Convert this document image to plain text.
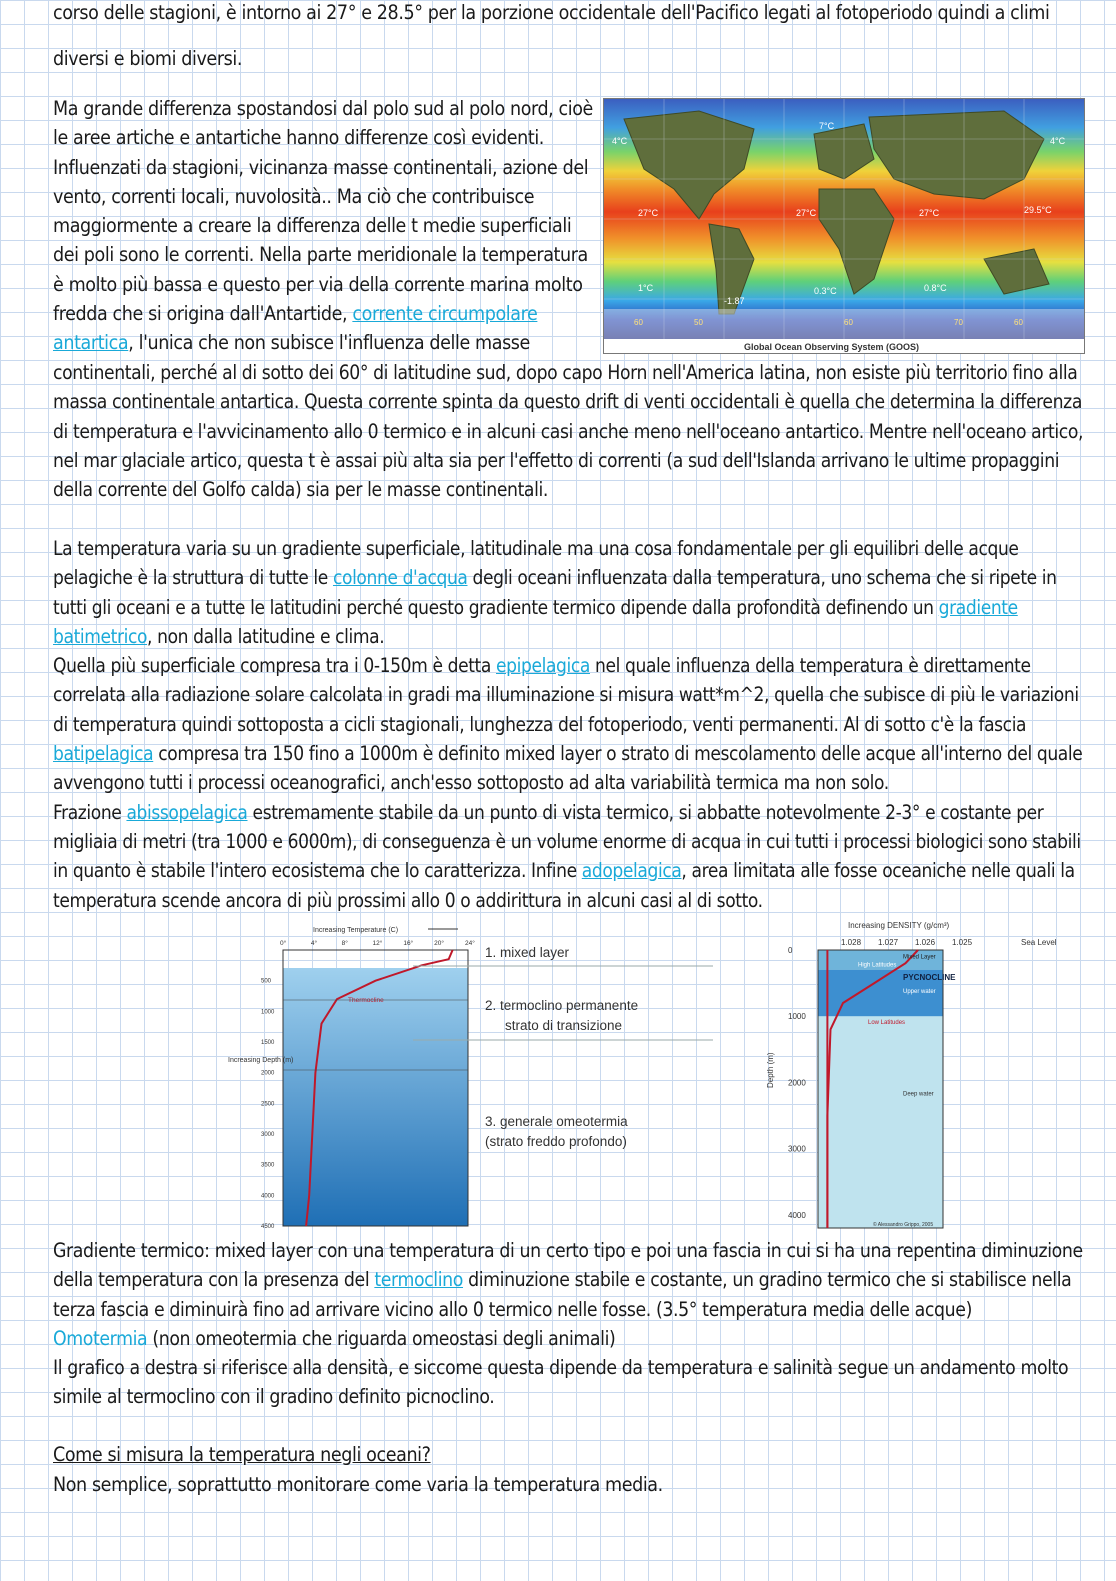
corso delle stagioni, è intorno ai 27° e 28.5° per la porzione occidentale dell'Pacifico legati al fotoperiodo quindi a climi
diversi e biomi diversi.
Ma grande differenza spostandosi dal polo sud al polo nord, cioè
le aree artiche e antartiche hanno differenze così evidenti.
Influenzati da stagioni, vicinanza masse continentali, azione del
vento, correnti locali, nuvolosità.. Ma ciò che contribuisce
maggiormente a creare la differenza delle t medie superficiali
dei poli sono le correnti. Nella parte meridionale la temperatura
è molto più bassa e questo per via della corrente marina molto
fredda che si origina dall'Antartide, corrente circumpolare
antartica, l'unica che non subisce l'influenza delle masse
4°C
7°C
4°C
27°C	27°C	27°C	29.5°C
1°C	0.3°C	0.8°C
-1.87
60	50	60	70	60
Global Ocean Observing System (GOOS)
continentali, perché al di sotto dei 60° di latitudine sud, dopo capo Horn nell'America latina, non esiste più territorio fino alla
massa continentale antartica. Questa corrente spinta da questo drift di venti occidentali è quella che determina la differenza
di temperatura e l'avvicinamento allo 0 termico e in alcuni casi anche meno nell'oceano antartico. Mentre nell'oceano artico,
nel mar glaciale artico, questa t è assai più alta sia per l'effetto di correnti (a sud dell'Islanda arrivano le ultime propaggini
della corrente del Golfo calda) sia per le masse continentali.
La temperatura varia su un gradiente superficiale, latitudinale ma una cosa fondamentale per gli equilibri delle acque
pelagiche è la struttura di tutte le colonne d'acqua degli oceani influenzata dalla temperatura, uno schema che si ripete in
tutti gli oceani e a tutte le latitudini perché questo gradiente termico dipende dalla profondità definendo un gradiente
batimetrico, non dalla latitudine e clima.
Quella più superficiale compresa tra i 0-150m è detta epipelagica nel quale influenza della temperatura è direttamente
correlata alla radiazione solare calcolata in gradi ma illuminazione si misura watt*m^2, quella che subisce di più le variazioni
di temperatura quindi sottoposta a cicli stagionali, lunghezza del fotoperiodo, venti permanenti. Al di sotto c'è la fascia
batipelagica compresa tra 150 fino a 1000m è definito mixed layer o strato di mescolamento delle acque all'interno del quale
avvengono tutti i processi oceanografici, anch'esso sottoposto ad alta variabilità termica ma non solo.
Frazione abissopelagica estremamente stabile da un punto di vista termico, si abbatte notevolmente 2-3° e costante per
migliaia di metri (tra 1000 e 6000m), di conseguenza è un volume enorme di acqua in cui tutti i processi biologici sono stabili
in quanto è stabile l'intero ecosistema che lo caratterizza. Infine adopelagica, area limitata alle fosse oceaniche nelle quali la
temperatura scende ancora di più prossimi allo 0 o addirittura in alcuni casi al di sotto.
Increasing Temperature (C)
0°	4°	8°	12°	16°	20°	24°
500
1000
1500
2000
2500
3000
3500
4000
4500
Increasing Depth (m)
Thermocline
1. mixed layer
2. termoclino permanente
strato di transizione
3. generale omeotermia
(strato freddo profondo)
Increasing DENSITY (g/cm³)
1.028 1.027 1.026 1.025
0
1000
2000
3000
4000
Depth (m)
Sea Level
Mixed Layer
Upper water
Deep water
High Latitudes
Low Latitudes
PYCNOCLINE
© Alessandro Grippo, 2005
Gradiente termico: mixed layer con una temperatura di un certo tipo e poi una fascia in cui si ha una repentina diminuzione
della temperatura con la presenza del termoclino diminuzione stabile e costante, un gradino termico che si stabilisce nella
terza fascia e diminuirà fino ad arrivare vicino allo 0 termico nelle fosse. (3.5° temperatura media delle acque)
Omotermia (non omeotermia che riguarda omeostasi degli animali)
Il grafico a destra si riferisce alla densità, e siccome questa dipende da temperatura e salinità segue un andamento molto
simile al termoclino con il gradino definito picnoclino.
Come si misura la temperatura negli oceani?
Non semplice, soprattutto monitorare come varia la temperatura media.
